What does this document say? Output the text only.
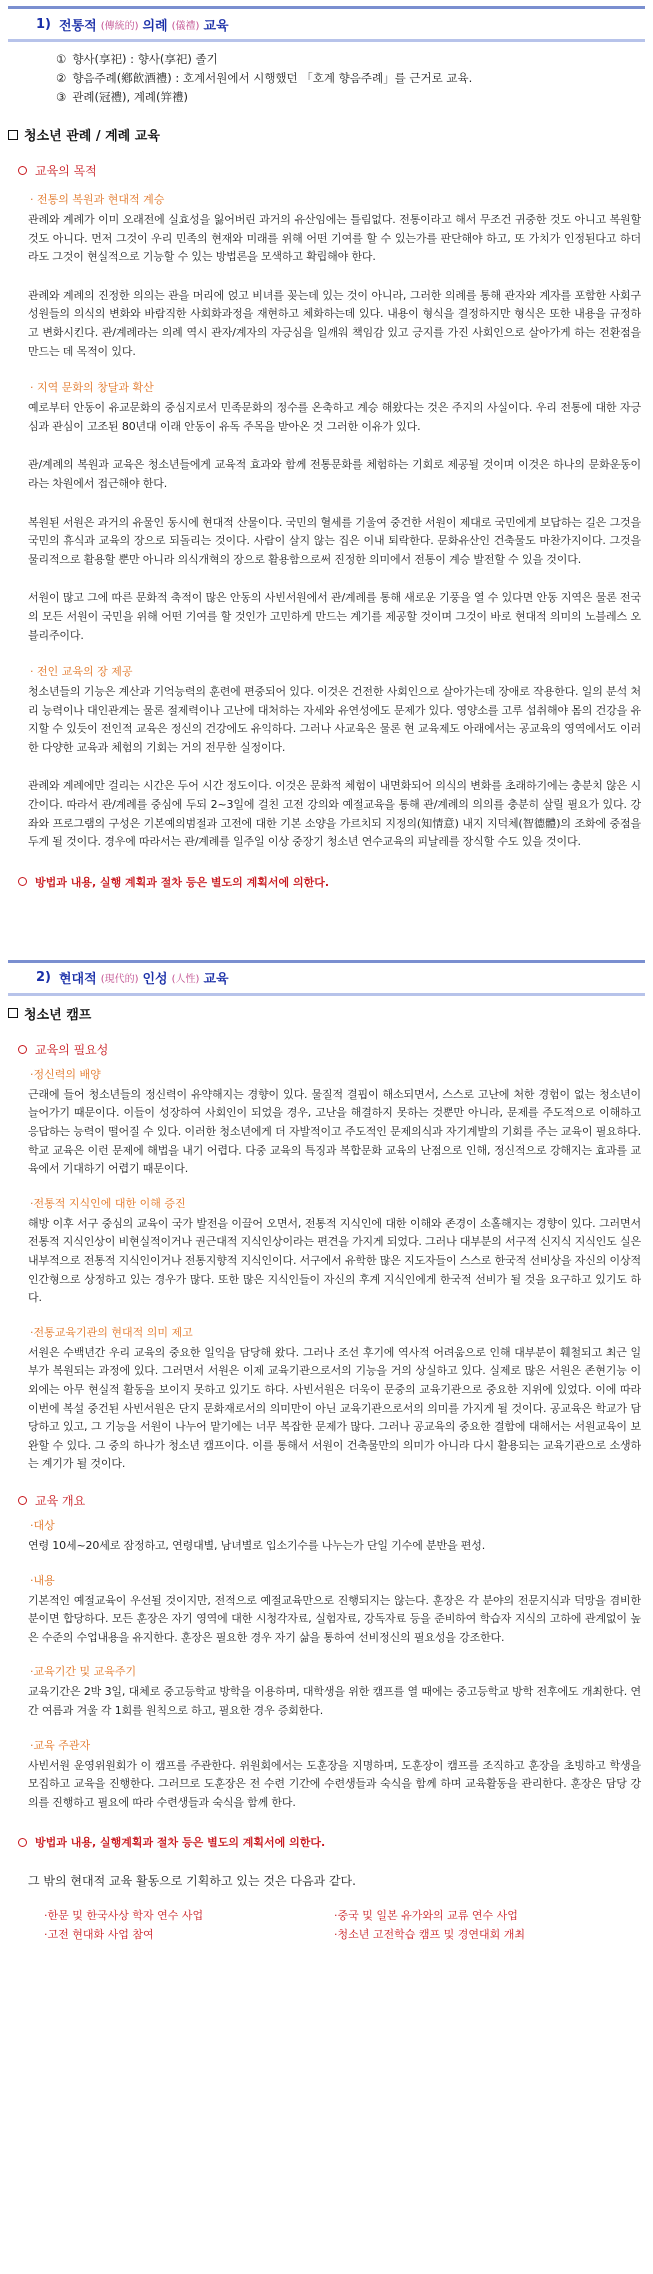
1) 전통적 (傳統的) 의례 (儀禮) 교육
① 향사(享祀) : 향사(享祀) 졸기
② 향음주례(鄕飮酒禮) : 호계서원에서 시행했던 「호계 향음주례」를 근거로 교육.
③ 관례(冠禮), 계례(笄禮)
청소년 관례 / 계례 교육
교육의 목적
· 전통의 복원과 현대적 계승
관례와 계례가 이미 오래전에 실효성을 잃어버린 과거의 유산임에는 틀림없다. 전통이라고 해서 무조건 귀중한 것도 아니고 복원할 것도 아니다. 먼저 그것이 우리 민족의 현재와 미래를 위해 어떤 기여를 할 수 있는가를 판단해야 하고, 또 가치가 인정된다고 하더라도 그것이 현실적으로 기능할 수 있는 방법론을 모색하고 확립해야 한다.
관례와 계례의 진정한 의의는 관을 머리에 얹고 비녀를 꽂는데 있는 것이 아니라, 그러한 의례를 통해 관자와 계자를 포함한 사회구성원들의 의식의 변화와 바람직한 사회화과정을 재현하고 체화하는데 있다. 내용이 형식을 결정하지만 형식은 또한 내용을 규정하고 변화시킨다. 관/계례라는 의례 역시 관자/계자의 자긍심을 일깨워 책임감 있고 긍지를 가진 사회인으로 살아가게 하는 전환점을 만드는 데 목적이 있다.
· 지역 문화의 창달과 확산
예로부터 안동이 유교문화의 중심지로서 민족문화의 정수를 온축하고 계승 해왔다는 것은 주지의 사실이다. 우리 전통에 대한 자긍심과 관심이 고조된 80년대 이래 안동이 유독 주목을 받아온 것 그러한 이유가 있다.
관/계례의 복원과 교육은 청소년들에게 교육적 효과와 함께 전통문화를 체험하는 기회로 제공될 것이며 이것은 하나의 문화운동이라는 차원에서 접근해야 한다.
복원된 서원은 과거의 유물인 동시에 현대적 산물이다. 국민의 혈세를 기울여 중건한 서원이 제대로 국민에게 보답하는 길은 그것을 국민의 휴식과 교육의 장으로 되돌리는 것이다. 사람이 살지 않는 집은 이내 퇴락한다. 문화유산인 건축물도 마찬가지이다. 그것을 물리적으로 활용할 뿐만 아니라 의식개혁의 장으로 활용함으로써 진정한 의미에서 전통이 계승 발전할 수 있을 것이다.
서원이 많고 그에 따른 문화적 축적이 많은 안동의 사빈서원에서 관/계례를 통해 새로운 기풍을 열 수 있다면 안동 지역은 물론 전국의 모든 서원이 국민을 위해 어떤 기여를 할 것인가 고민하게 만드는 계기를 제공할 것이며 그것이 바로 현대적 의미의 노블레스 오블리주이다.
· 전인 교육의 장 제공
청소년들의 기능은 계산과 기억능력의 훈련에 편중되어 있다. 이것은 건전한 사회인으로 살아가는데 장애로 작용한다. 일의 분석 처리 능력이나 대인관계는 물론 절제력이나 고난에 대처하는 자세와 유연성에도 문제가 있다. 영양소를 고루 섭취해야 몸의 건강을 유지할 수 있듯이 전인적 교육은 정신의 건강에도 유익하다. 그러나 사교육은 물론 현 교육제도 아래에서는 공교육의 영역에서도 이러한 다양한 교육과 체험의 기회는 거의 전무한 실정이다.
관례와 계례에만 걸리는 시간은 두어 시간 정도이다. 이것은 문화적 체험이 내면화되어 의식의 변화를 초래하기에는 충분치 않은 시간이다. 따라서 관/계례를 중심에 두되 2~3일에 걸친 고전 강의와 예절교육을 통해 관/계례의 의의를 충분히 살릴 필요가 있다. 강좌와 프로그램의 구성은 기본예의범절과 고전에 대한 기본 소양을 가르치되 지정의(知情意) 내지 지덕체(智德體)의 조화에 중점을 두게 될 것이다. 경우에 따라서는 관/계례를 일주일 이상 중장기 청소년 연수교육의 피날레를 장식할 수도 있을 것이다.
방법과 내용, 실행 계획과 절차 등은 별도의 계획서에 의한다.
2) 현대적 (現代的) 인성 (人性) 교육
청소년 캠프
교육의 필요성
·정신력의 배양
근래에 들어 청소년들의 정신력이 유약해지는 경향이 있다. 물질적 결핍이 해소되면서, 스스로 고난에 처한 경험이 없는 청소년이 늘어가기 때문이다. 이들이 성장하여 사회인이 되었을 경우, 고난을 해결하지 못하는 것뿐만 아니라, 문제를 주도적으로 이해하고 응답하는 능력이 떨어질 수 있다. 이러한 청소년에게 더 자발적이고 주도적인 문제의식과 자기계발의 기회를 주는 교육이 필요하다. 학교 교육은 이런 문제에 해법을 내기 어렵다. 다중 교육의 특징과 복합문화 교육의 난점으로 인해, 정신적으로 강해지는 효과를 교육에서 기대하기 어렵기 때문이다.
·전통적 지식인에 대한 이해 증진
해방 이후 서구 중심의 교육이 국가 발전을 이끌어 오면서, 전통적 지식인에 대한 이해와 존경이 소홀해지는 경향이 있다. 그러면서 전통적 지식인상이 비현실적이거나 권근대적 지식인상이라는 편견을 가지게 되었다. 그러나 대부분의 서구적 신지식 지식인도 실은 내부적으로 전통적 지식인이거나 전통지향적 지식인이다. 서구에서 유학한 많은 지도자들이 스스로 한국적 선비상을 자신의 이상적 인간형으로 상정하고 있는 경우가 많다. 또한 많은 지식인들이 자신의 후계 지식인에게 한국적 선비가 될 것을 요구하고 있기도 하다.
·전통교육기관의 현대적 의미 제고
서원은 수백년간 우리 교육의 중요한 일익을 담당해 왔다. 그러나 조선 후기에 역사적 어려움으로 인해 대부분이 훼철되고 최근 일부가 복원되는 과정에 있다. 그러면서 서원은 이제 교육기관으로서의 기능을 거의 상실하고 있다. 실제로 많은 서원은 존현기능 이외에는 아무 현실적 활동을 보이지 못하고 있기도 하다. 사빈서원은 더욱이 문중의 교육기관으로 중요한 지위에 있었다. 이에 따라 이번에 복설 중건된 사빈서원은 단지 문화재로서의 의미만이 아닌 교육기관으로서의 의미를 가지게 될 것이다. 공교육은 학교가 담당하고 있고, 그 기능을 서원이 나누어 맡기에는 너무 복잡한 문제가 많다. 그러나 공교육의 중요한 결함에 대해서는 서원교육이 보완할 수 있다. 그 중의 하나가 청소년 캠프이다. 이를 통해서 서원이 건축물만의 의미가 아니라 다시 활용되는 교육기관으로 소생하는 계기가 될 것이다.
교육 개요
·대상
연령 10세~20세로 잠정하고, 연령대별, 남녀별로 입소기수를 나누는가 단일 기수에 분반을 편성.
·내용
기본적인 예절교육이 우선될 것이지만, 전적으로 예절교육만으로 진행되지는 않는다. 훈장은 각 분야의 전문지식과 덕망을 겸비한 분이면 합당하다. 모든 훈장은 자기 영역에 대한 시청각자료, 실험자료, 강독자료 등을 준비하여 학습자 지식의 고하에 관계없이 높은 수준의 수업내용을 유지한다. 훈장은 필요한 경우 자기 삶을 통하여 선비정신의 필요성을 강조한다.
·교육기간 및 교육주기
교육기간은 2박 3일, 대체로 중고등학교 방학을 이용하며, 대학생을 위한 캠프를 열 때에는 중고등학교 방학 전후에도 개최한다. 연간 여름과 겨울 각 1회를 원칙으로 하고, 필요한 경우 증회한다.
·교육 주관자
사빈서원 운영위원회가 이 캠프를 주관한다. 위원회에서는 도훈장을 지명하며, 도훈장이 캠프를 조직하고 훈장을 초빙하고 학생을 모집하고 교육을 진행한다. 그러므로 도훈장은 전 수련 기간에 수련생들과 숙식을 함께 하며 교육활동을 관리한다. 훈장은 담당 강의를 진행하고 필요에 따라 수련생들과 숙식을 함께 한다.
방법과 내용, 실행계획과 절차 등은 별도의 계획서에 의한다.
그 밖의 현대적 교육 활동으로 기획하고 있는 것은 다음과 같다.
·한문 및 한국사상 학자 연수 사업	·중국 및 일본 유가와의 교류 연수 사업
·고전 현대화 사업 참여	·청소년 고전학습 캠프 및 경연대회 개최
